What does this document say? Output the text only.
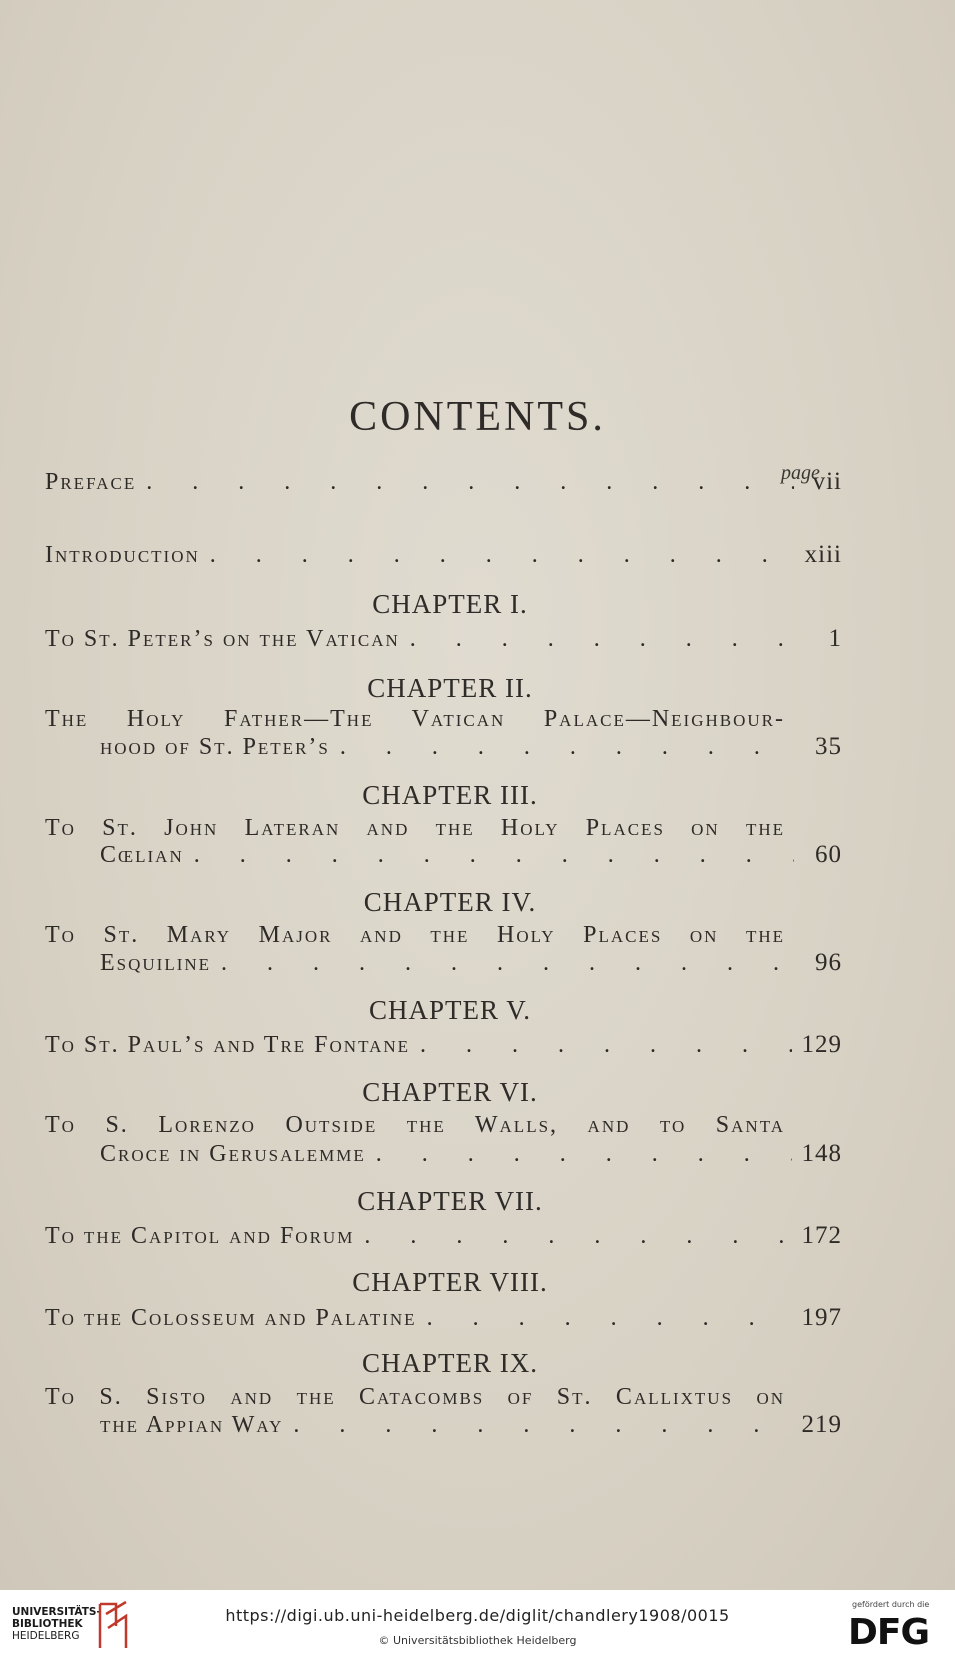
CONTENTS.
page
Preface . . .	vii
Introduction . . .	xiii
CHAPTER I.
To St. Peter’s on the Vatican . . .	1
CHAPTER II.
The Holy Father—The Vatican Palace—Neighbour-
hood of St. Peter’s . . .	35
CHAPTER III.
To St. John Lateran and the Holy Places on the
Cœlian . . .	60
CHAPTER IV.
To St. Mary Major and the Holy Places on the
Esquiline . . .	96
CHAPTER V.
To St. Paul’s and Tre Fontane . . .	129
CHAPTER VI.
To S. Lorenzo Outside the Walls, and to Santa
Croce in Gerusalemme . . .	148
CHAPTER VII.
To the Capitol and Forum . . .	172
CHAPTER VIII.
To the Colosseum and Palatine . . .	197
CHAPTER IX.
To S. Sisto and the Catacombs of St. Callixtus on
the Appian Way . . .	219
UNIVERSITÄTS-
BIBLIOTHEK
HEIDELBERG
https://digi.ub.uni-heidelberg.de/diglit/chandlery1908/0015
© Universitätsbibliothek Heidelberg
gefördert durch die
DFG
